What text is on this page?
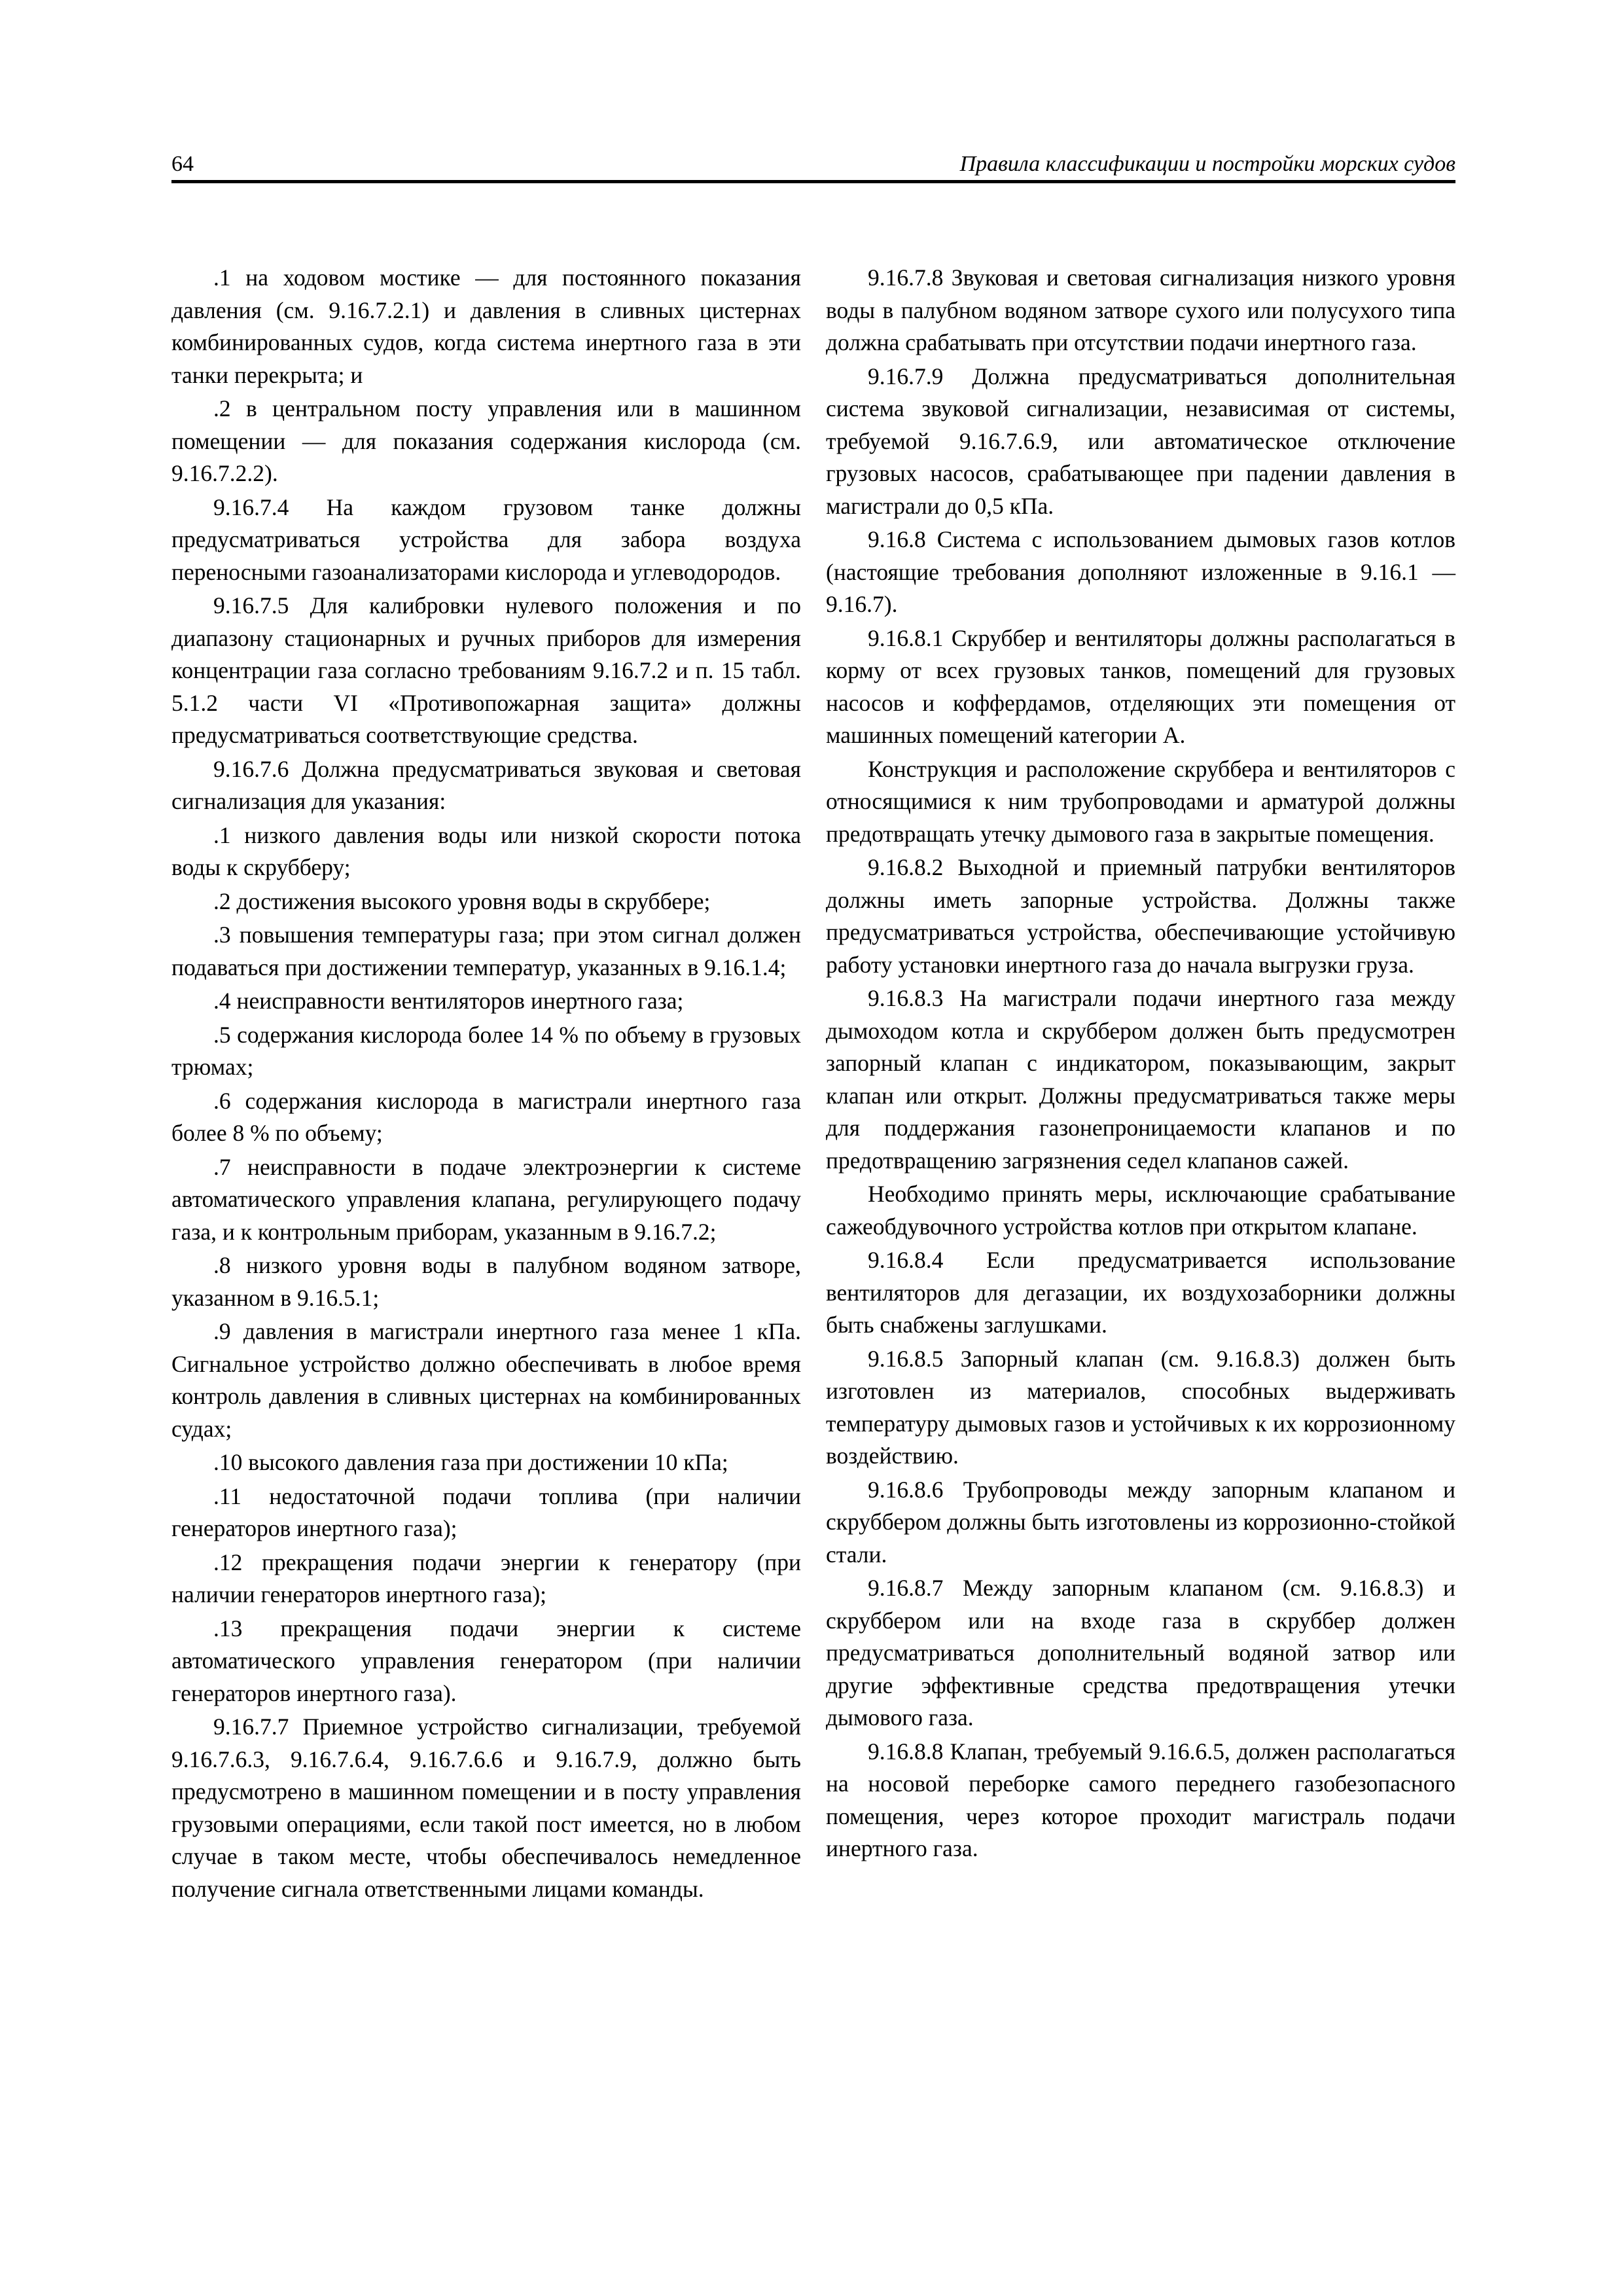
64	Правила классификации и постройки морских судов

.1 на ходовом мостике — для постоянного показания давления (см. 9.16.7.2.1) и давления в сливных цистернах комбинированных судов, когда система инертного газа в эти танки перекрыта; и

.2 в центральном посту управления или в машинном помещении — для показания содержания кислорода (см. 9.16.7.2.2).

9.16.7.4 На каждом грузовом танке должны предусматриваться устройства для забора воздуха переносными газоанализаторами кислорода и углеводородов.

9.16.7.5 Для калибровки нулевого положения и по диапазону стационарных и ручных приборов для измерения концентрации газа согласно требованиям 9.16.7.2 и п. 15 табл. 5.1.2 части VI «Противопожарная защита» должны предусматриваться соответствующие средства.

9.16.7.6 Должна предусматриваться звуковая и световая сигнализация для указания:

.1 низкого давления воды или низкой скорости потока воды к скрубберу;

.2 достижения высокого уровня воды в скруббере;

.3 повышения температуры газа; при этом сигнал должен подаваться при достижении температур, указанных в 9.16.1.4;

.4 неисправности вентиляторов инертного газа;

.5 содержания кислорода более 14 % по объему в грузовых трюмах;

.6 содержания кислорода в магистрали инертного газа более 8 % по объему;

.7 неисправности в подаче электроэнергии к системе автоматического управления клапана, регулирующего подачу газа, и к контрольным приборам, указанным в 9.16.7.2;

.8 низкого уровня воды в палубном водяном затворе, указанном в 9.16.5.1;

.9 давления в магистрали инертного газа менее 1 кПа. Сигнальное устройство должно обеспечивать в любое время контроль давления в сливных цистернах на комбинированных судах;

.10 высокого давления газа при достижении 10 кПа;

.11 недостаточной подачи топлива (при наличии генераторов инертного газа);

.12 прекращения подачи энергии к генератору (при наличии генераторов инертного газа);

.13 прекращения подачи энергии к системе автоматического управления генератором (при наличии генераторов инертного газа).

9.16.7.7 Приемное устройство сигнализации, требуемой 9.16.7.6.3, 9.16.7.6.4, 9.16.7.6.6 и 9.16.7.9, должно быть предусмотрено в машинном помещении и в посту управления грузовыми операциями, если такой пост имеется, но в любом случае в таком месте, чтобы обеспечивалось немедленное получение сигнала ответственными лицами команды.

9.16.7.8 Звуковая и световая сигнализация низкого уровня воды в палубном водяном затворе сухого или полусухого типа должна срабатывать при отсутствии подачи инертного газа.

9.16.7.9 Должна предусматриваться дополнительная система звуковой сигнализации, независимая от системы, требуемой 9.16.7.6.9, или автоматическое отключение грузовых насосов, срабатывающее при падении давления в магистрали до 0,5 кПа.

9.16.8 Система с использованием дымовых газов котлов (настоящие требования дополняют изложенные в 9.16.1 — 9.16.7).

9.16.8.1 Скруббер и вентиляторы должны располагаться в корму от всех грузовых танков, помещений для грузовых насосов и коффердамов, отделяющих эти помещения от машинных помещений категории А.

Конструкция и расположение скруббера и вентиляторов с относящимися к ним трубопроводами и арматурой должны предотвращать утечку дымового газа в закрытые помещения.

9.16.8.2 Выходной и приемный патрубки вентиляторов должны иметь запорные устройства. Должны также предусматриваться устройства, обеспечивающие устойчивую работу установки инертного газа до начала выгрузки груза.

9.16.8.3 На магистрали подачи инертного газа между дымоходом котла и скруббером должен быть предусмотрен запорный клапан с индикатором, показывающим, закрыт клапан или открыт. Должны предусматриваться также меры для поддержания газонепроницаемости клапанов и по предотвращению загрязнения седел клапанов сажей.

Необходимо принять меры, исключающие срабатывание сажеобдувочного устройства котлов при открытом клапане.

9.16.8.4 Если предусматривается использование вентиляторов для дегазации, их воздухозаборники должны быть снабжены заглушками.

9.16.8.5 Запорный клапан (см. 9.16.8.3) должен быть изготовлен из материалов, способных выдерживать температуру дымовых газов и устойчивых к их коррозионному воздействию.

9.16.8.6 Трубопроводы между запорным клапаном и скруббером должны быть изготовлены из коррозионно-стойкой стали.

9.16.8.7 Между запорным клапаном (см. 9.16.8.3) и скруббером или на входе газа в скруббер должен предусматриваться дополнительный водяной затвор или другие эффективные средства предотвращения утечки дымового газа.

9.16.8.8 Клапан, требуемый 9.16.6.5, должен располагаться на носовой переборке самого переднего газобезопасного помещения, через которое проходит магистраль подачи инертного газа.
